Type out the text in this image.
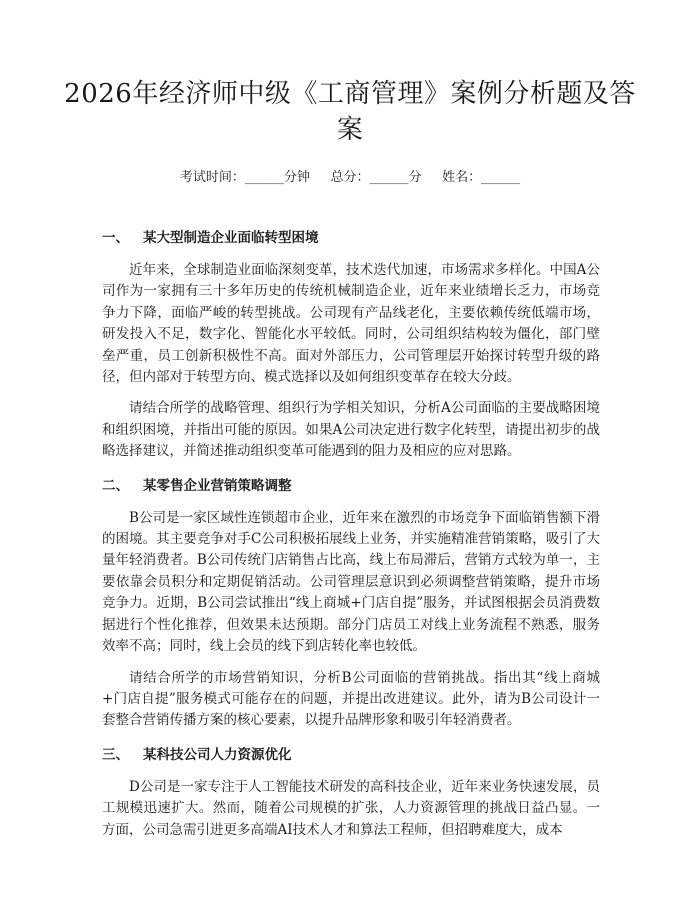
2026年经济师中级《工商管理》案例分析题及答案
考试时间：______分钟     总分：______分     姓名：______
一、 某大型制造企业面临转型困境

近年来，全球制造业面临深刻变革，技术迭代加速，市场需求多样化。中国A公司作为一家拥有三十多年历史的传统机械制造企业，近年来业绩增长乏力，市场竞争力下降，面临严峻的转型挑战。公司现有产品线老化，主要依赖传统低端市场，研发投入不足，数字化、智能化水平较低。同时，公司组织结构较为僵化，部门壁垒严重，员工创新积极性不高。面对外部压力，公司管理层开始探讨转型升级的路径，但内部对于转型方向、模式选择以及如何组织变革存在较大分歧。

请结合所学的战略管理、组织行为学相关知识，分析A公司面临的主要战略困境和组织困境，并指出可能的原因。如果A公司决定进行数字化转型，请提出初步的战略选择建议，并简述推动组织变革可能遇到的阻力及相应的应对思路。

二、 某零售企业营销策略调整

B公司是一家区域性连锁超市企业，近年来在激烈的市场竞争下面临销售额下滑的困境。其主要竞争对手C公司积极拓展线上业务，并实施精准营销策略，吸引了大量年轻消费者。B公司传统门店销售占比高，线上布局滞后，营销方式较为单一，主要依靠会员积分和定期促销活动。公司管理层意识到必须调整营销策略，提升市场竞争力。近期，B公司尝试推出“线上商城+门店自提”服务，并试图根据会员消费数据进行个性化推荐，但效果未达预期。部分门店员工对线上业务流程不熟悉，服务效率不高；同时，线上会员的线下到店转化率也较低。

请结合所学的市场营销知识，分析B公司面临的营销挑战。指出其“线上商城+门店自提”服务模式可能存在的问题，并提出改进建议。此外，请为B公司设计一套整合营销传播方案的核心要素，以提升品牌形象和吸引年轻消费者。

三、 某科技公司人力资源优化

D公司是一家专注于人工智能技术研发的高科技企业，近年来业务快速发展，员工规模迅速扩大。然而，随着公司规模的扩张，人力资源管理的挑战日益凸显。一方面，公司急需引进更多高端AI技术人才和算法工程师，但招聘难度大，成本
